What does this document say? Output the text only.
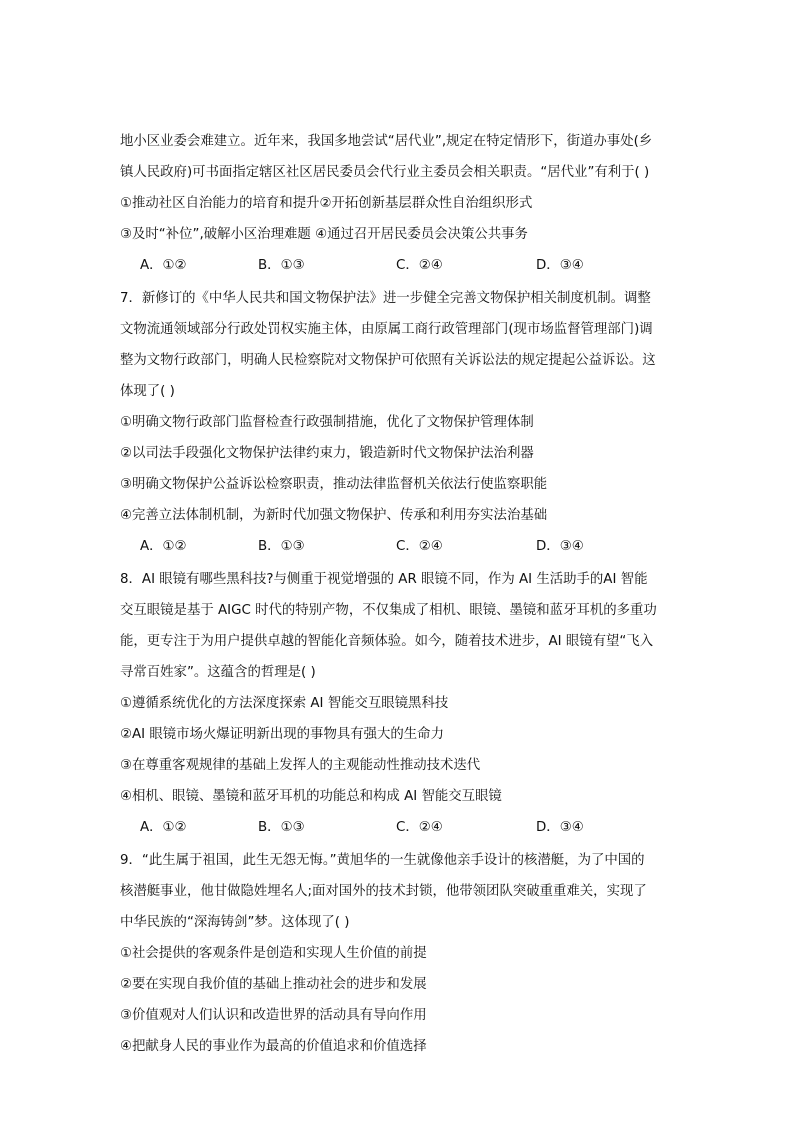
地小区业委会难建立。近年来，我国多地尝试“居代业”,规定在特定情形下，街道办事处(乡
镇人民政府)可书面指定辖区社区居民委员会代行业主委员会相关职责。“居代业”有利于( )
①推动社区自治能力的培育和提升②开拓创新基层群众性自治组织形式
③及时“补位”,破解小区治理难题 ④通过召开居民委员会决策公共事务
A．①②	B．①③	C．②④	D．③④
7．新修订的《中华人民共和国文物保护法》进一步健全完善文物保护相关制度机制。调整
文物流通领域部分行政处罚权实施主体，由原属工商行政管理部门(现市场监督管理部门)调
整为文物行政部门，明确人民检察院对文物保护可依照有关诉讼法的规定提起公益诉讼。这
体现了( )
①明确文物行政部门监督检查行政强制措施，优化了文物保护管理体制
②以司法手段强化文物保护法律约束力，锻造新时代文物保护法治利器
③明确文物保护公益诉讼检察职责，推动法律监督机关依法行使监察职能
④完善立法体制机制，为新时代加强文物保护、传承和利用夯实法治基础
A．①②	B．①③	C．②④	D．③④
8．AI 眼镜有哪些黑科技?与侧重于视觉增强的 AR 眼镜不同，作为 AI 生活助手的AI 智能
交互眼镜是基于 AIGC 时代的特别产物，不仅集成了相机、眼镜、墨镜和蓝牙耳机的多重功
能，更专注于为用户提供卓越的智能化音频体验。如今，随着技术进步，AI 眼镜有望“飞入
寻常百姓家”。这蕴含的哲理是( )
①遵循系统优化的方法深度探索 AI 智能交互眼镜黑科技
②AI 眼镜市场火爆证明新出现的事物具有强大的生命力
③在尊重客观规律的基础上发挥人的主观能动性推动技术迭代
④相机、眼镜、墨镜和蓝牙耳机的功能总和构成 AI 智能交互眼镜
A．①②	B．①③	C．②④	D．③④
9．“此生属于祖国，此生无怨无悔。”黄旭华的一生就像他亲手设计的核潜艇，为了中国的
核潜艇事业，他甘做隐姓埋名人;面对国外的技术封锁，他带领团队突破重重难关，实现了
中华民族的“深海铸剑”梦。这体现了( )
①社会提供的客观条件是创造和实现人生价值的前提
②要在实现自我价值的基础上推动社会的进步和发展
③价值观对人们认识和改造世界的活动具有导向作用
④把献身人民的事业作为最高的价值追求和价值选择
